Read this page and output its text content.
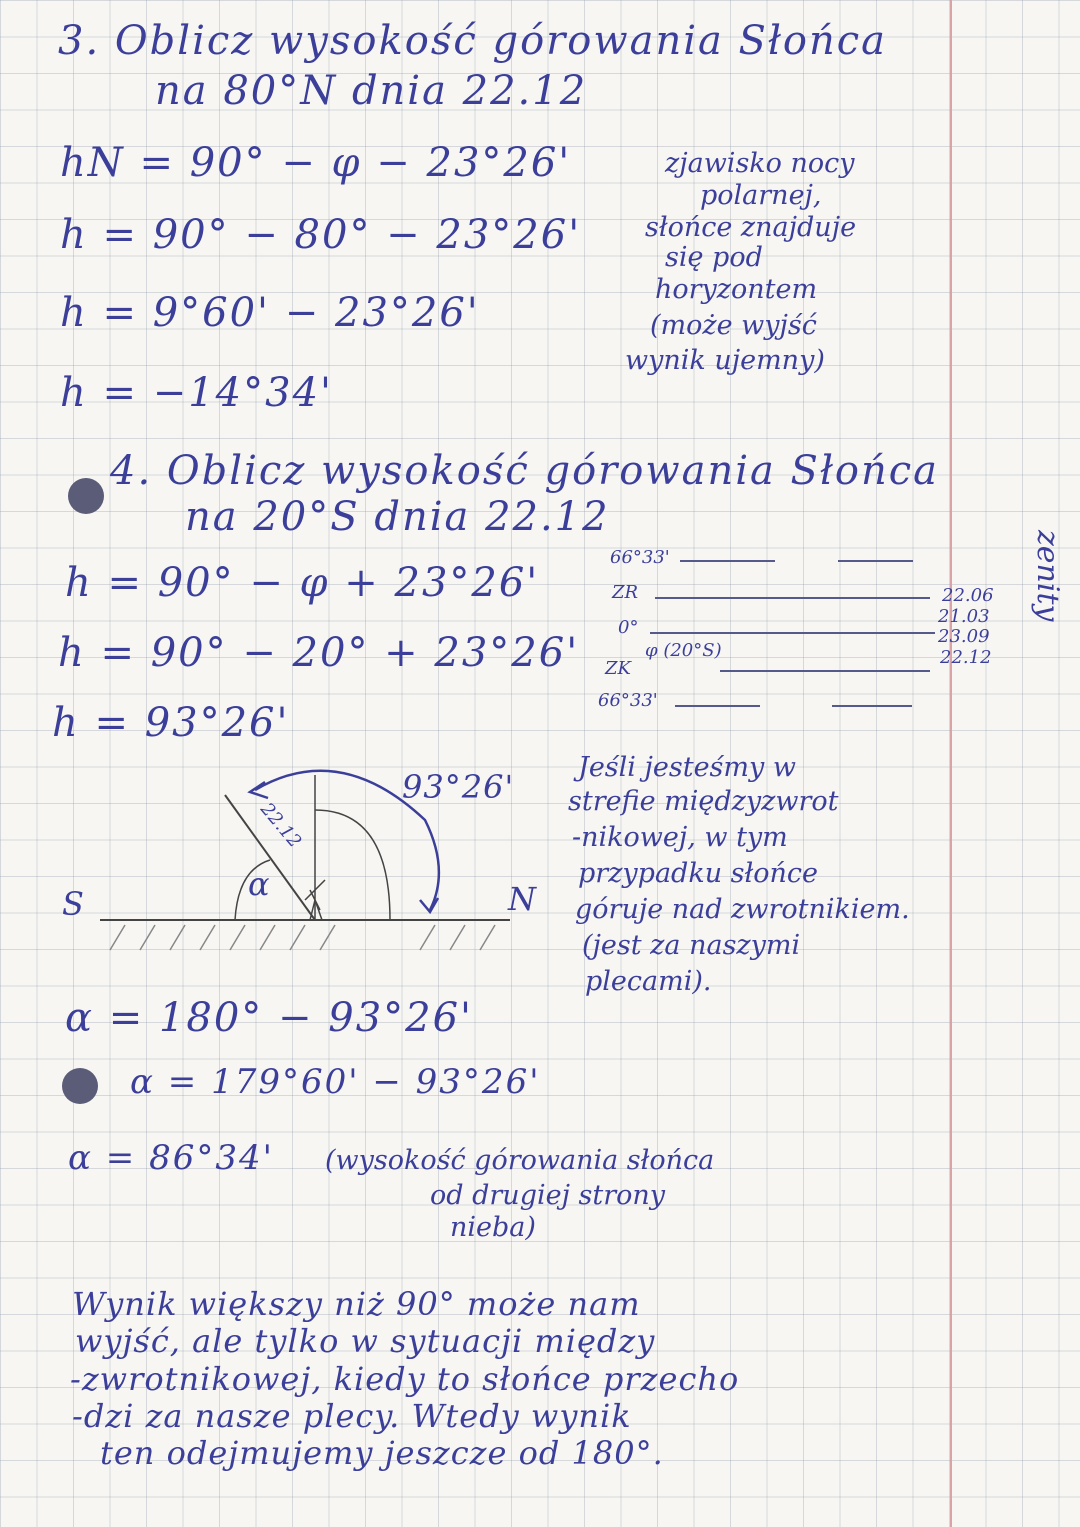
3. Oblicz wysokość górowania Słońca
na 80°N dnia 22.12
hN = 90° − φ − 23°26'
h = 90° − 80° − 23°26'
h = 9°60' − 23°26'
h = −14°34'
zjawisko nocy
polarnej,
słońce znajduje
się pod
horyzontem
(może wyjść
wynik ujemny)
4. Oblicz wysokość górowania Słońca
na 20°S dnia 22.12
h = 90° − φ + 23°26'
h = 90° − 20° + 23°26'
h = 93°26'
66°33'
ZR
0°
ZK
φ (20°S)
66°33'
22.06
21.03
23.09
22.12
zenity
S	N
93°26'
α
22.12
Jeśli jesteśmy w
strefie międzyzwrot
-nikowej, w tym
przypadku słońce
góruje nad zwrotnikiem.
(jest za naszymi
plecami).
α = 180° − 93°26'
α = 179°60' − 93°26'
α = 86°34' (wysokość górowania słońca
od drugiej strony
nieba)
Wynik większy niż 90° może nam
wyjść, ale tylko w sytuacji między
-zwrotnikowej, kiedy to słońce przecho
-dzi za nasze plecy. Wtedy wynik
ten odejmujemy jeszcze od 180°.
